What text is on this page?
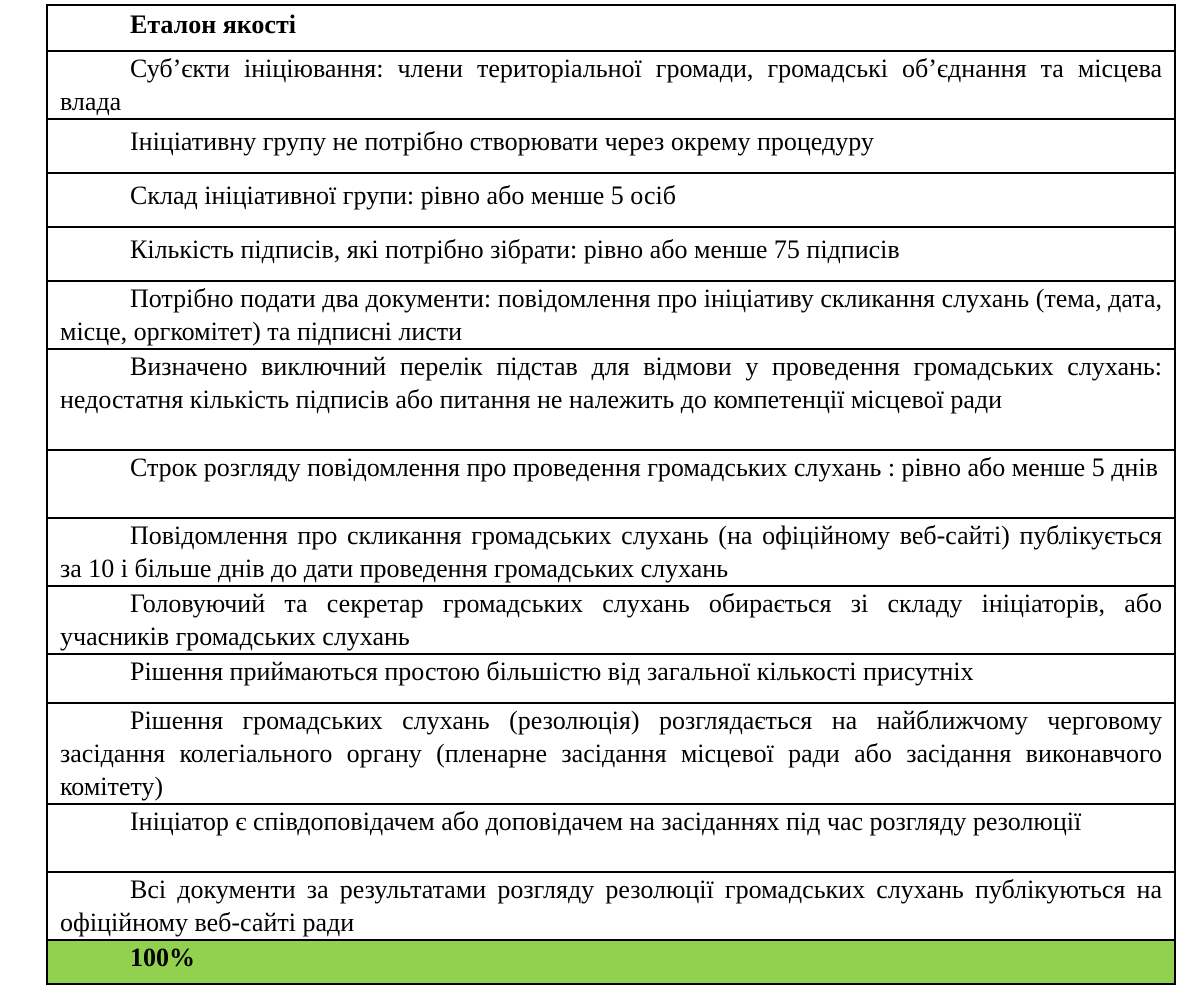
Еталон якості
Суб’єкти ініціювання: члени територіальної громади, громадські об’єднання та місцева влада
Ініціативну групу не потрібно створювати через окрему процедуру
Склад ініціативної групи: рівно або менше 5 осіб
Кількість підписів, які потрібно зібрати: рівно або менше 75 підписів
Потрібно подати два документи: повідомлення про ініціативу скликання слухань (тема, дата, місце, оргкомітет) та підписні листи
Визначено виключний перелік підстав для відмови у проведення громадських слухань: недостатня кількість підписів або питання не належить до компетенції місцевої ради
Строк розгляду повідомлення про проведення громадських слухань : рівно або менше 5 днів
Повідомлення про скликання громадських слухань (на офіційному веб-сайті) публікується за 10 і більше днів до дати проведення громадських слухань
Головуючий та секретар громадських слухань обирається зі складу ініціаторів, або учасників громадських слухань
Рішення приймаються простою більшістю від загальної кількості присутніх
Рішення громадських слухань (резолюція) розглядається на найближчому черговому засідання колегіального органу (пленарне засідання місцевої ради або засідання виконавчого комітету)
Ініціатор є співдоповідачем або доповідачем на засіданнях під час розгляду резолюції
Всі документи за результатами розгляду резолюції громадських слухань публікуються на офіційному веб-сайті ради
100%
